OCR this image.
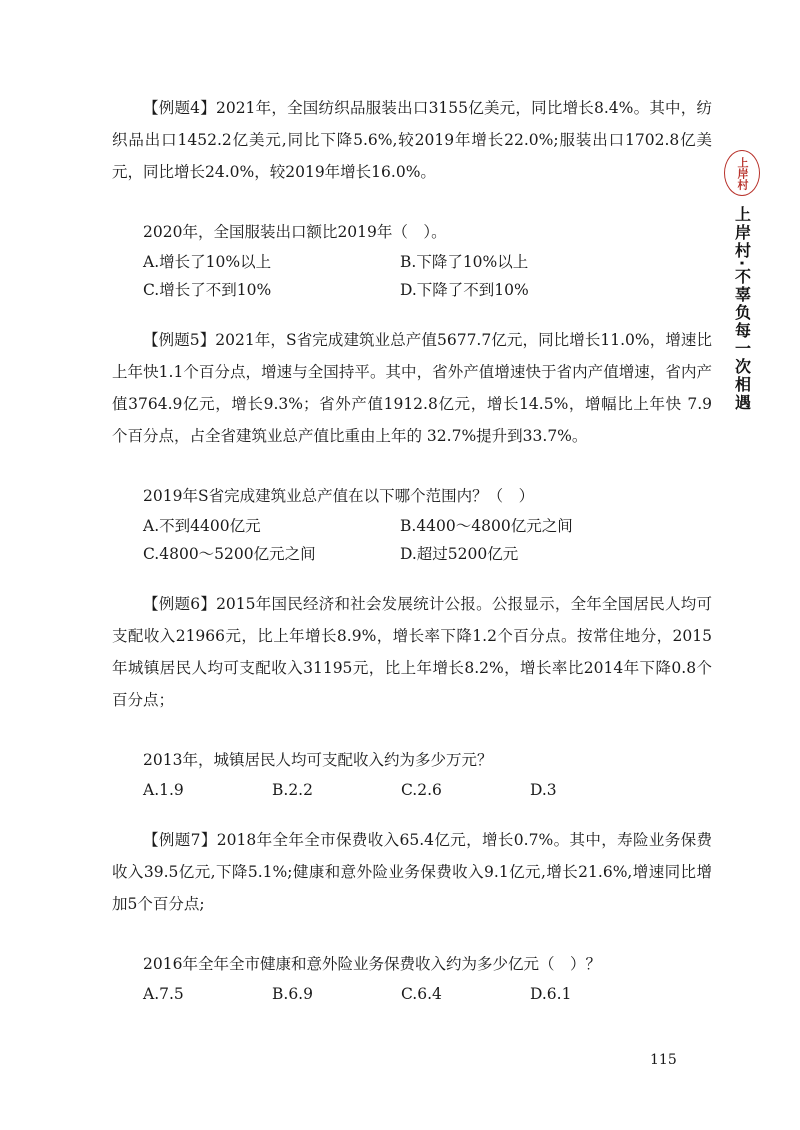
【例题4】2021年，全国纺织品服装出口3155亿美元，同比增长8.4%。其中，纺织品出口1452.2亿美元,同比下降5.6%,较2019年增长22.0%;服装出口1702.8亿美元，同比增长24.0%，较2019年增长16.0%。

2020年，全国服装出口额比2019年（　）。

A.增长了10%以上	B.下降了10%以上
C.增长了不到10%	D.下降了不到10%

【例题5】2021年，S省完成建筑业总产值5677.7亿元，同比增长11.0%，增速比上年快1.1个百分点，增速与全国持平。其中，省外产值增速快于省内产值增速，省内产值3764.9亿元，增长9.3%；省外产值1912.8亿元，增长14.5%，增幅比上年快 7.9 个百分点，占全省建筑业总产值比重由上年的 32.7%提升到33.7%。

2019年S省完成建筑业总产值在以下哪个范围内？（　）

A.不到4400亿元	B.4400～4800亿元之间
C.4800～5200亿元之间	D.超过5200亿元

【例题6】2015年国民经济和社会发展统计公报。公报显示，全年全国居民人均可支配收入21966元，比上年增长8.9%，增长率下降1.2个百分点。按常住地分，2015年城镇居民人均可支配收入31195元，比上年增长8.2%，增长率比2014年下降0.8个百分点；

2013年，城镇居民人均可支配收入约为多少万元？

A.1.9	B.2.2	C.2.6	D.3

【例题7】2018年全年全市保费收入65.4亿元，增长0.7%。其中，寿险业务保费收入39.5亿元,下降5.1%;健康和意外险业务保费收入9.1亿元,增长21.6%,增速同比增加5个百分点;

2016年全年全市健康和意外险业务保费收入约为多少亿元（　）？

A.7.5	B.6.9	C.6.4	D.6.1
上岸村
上岸村·不辜负每一次相遇
115
